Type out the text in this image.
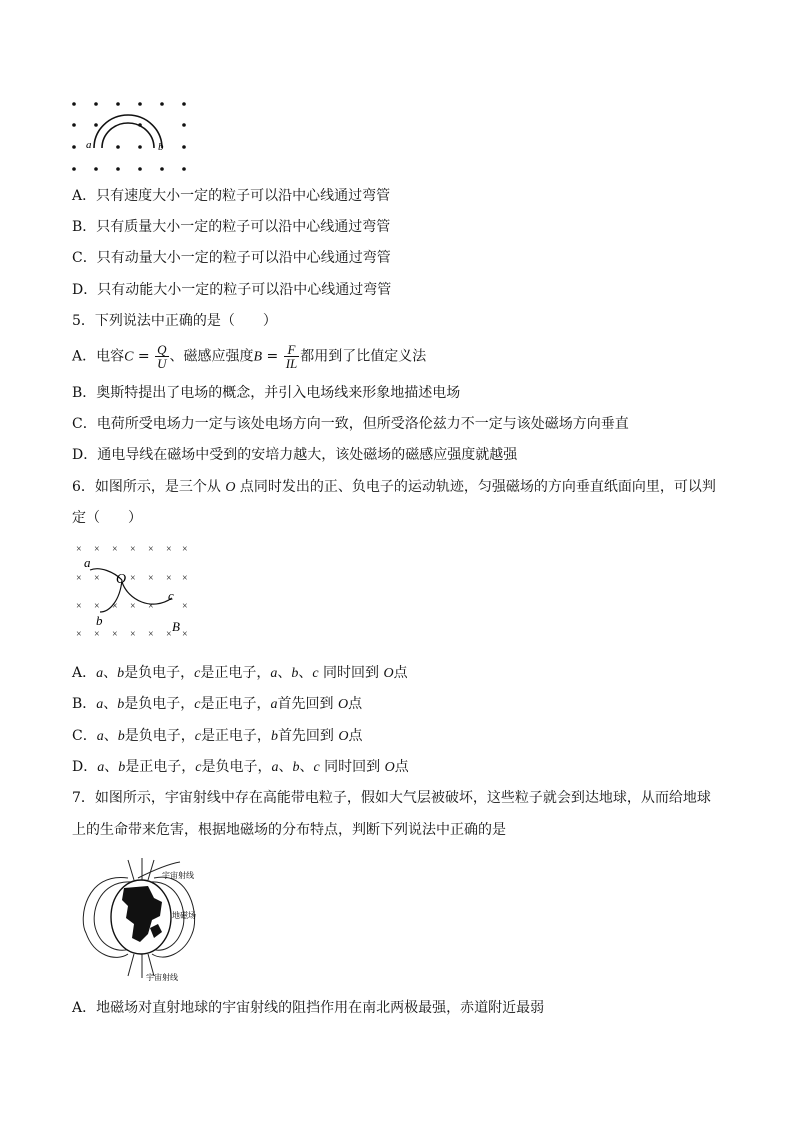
a	b
A．只有速度大小一定的粒子可以沿中心线通过弯管
B．只有质量大小一定的粒子可以沿中心线通过弯管
C．只有动量大小一定的粒子可以沿中心线通过弯管
D．只有动能大小一定的粒子可以沿中心线通过弯管
5．下列说法中正确的是（　　）
A．电容$C = \frac{Q}{U}$ 、磁感应强度$B = \frac{F}{IL}$ 都用到了比值定义法
B．奥斯特提出了电场的概念，并引入电场线来形象地描述电场
C．电荷所受电场力一定与该处电场方向一致，但所受洛伦兹力不一定与该处磁场方向垂直
D．通电导线在磁场中受到的安培力越大，该处磁场的磁感应强度就越强
6．如图所示，是三个从 O 点同时发出的正、负电子的运动轨迹，匀强磁场的方向垂直纸面向里，可以判
定（　　）
× × × × × × ×
× ×	× × × ×
× × × × ×	×
× × × × × × ×
a
O
c
b	B
A．a、b是负电子，c是正电子，a、b、c 同时回到 O点
B．a、b是负电子，c是正电子，a首先回到 O点
C．a、b是负电子，c是正电子，b首先回到 O点
D．a、b是正电子，c是负电子，a、b、c 同时回到 O点
7．如图所示，宇宙射线中存在高能带电粒子，假如大气层被破坏，这些粒子就会到达地球，从而给地球
上的生命带来危害，根据地磁场的分布特点，判断下列说法中正确的是
宇宙射线
地磁场
宇宙射线
A．地磁场对直射地球的宇宙射线的阻挡作用在南北两极最强，赤道附近最弱
